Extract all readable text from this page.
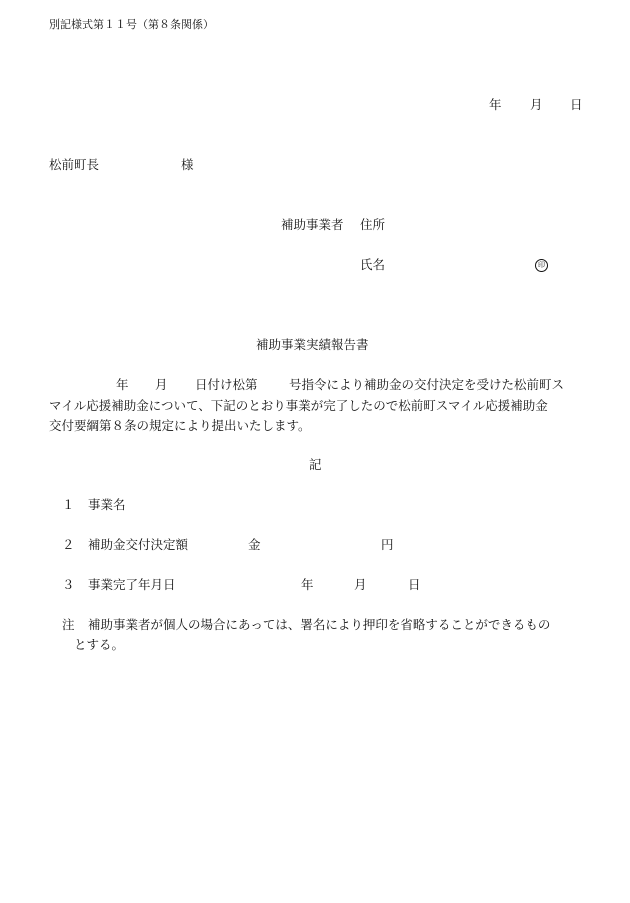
別記様式第１１号（第８条関係）
年 月 日
松前町長	様
補助事業者 住所
氏名	印
補助事業実績報告書
年 月 日付け松第	号指令により補助金の交付決定を受けた松前町ス
マイル応援補助金について、下記のとおり事業が完了したので松前町スマイル応援補助金
交付要綱第８条の規定により提出いたします。
記
１ 事業名
２ 補助金交付決定額	金	円
３ 事業完了年月日	年	月	日
注 補助事業者が個人の場合にあっては、署名により押印を省略することができるもの
とする。
